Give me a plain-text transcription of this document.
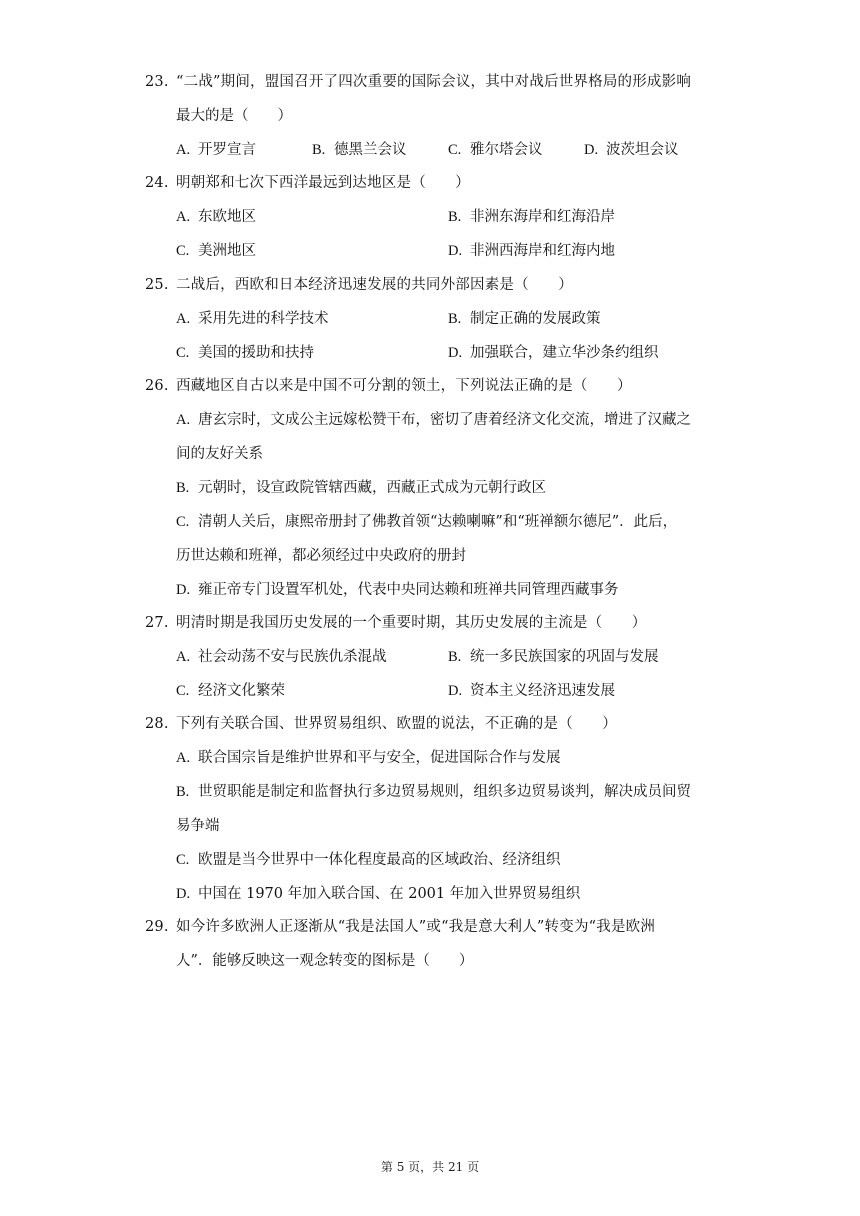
23. “二战”期间，盟国召开了四次重要的国际会议，其中对战后世界格局的形成影响
最大的是（　　）
A. 开罗宣言	B. 德黑兰会议	C. 雅尔塔会议	D. 波茨坦会议
24. 明朝郑和七次下西洋最远到达地区是（　　）
A. 东欧地区	B. 非洲东海岸和红海沿岸
C. 美洲地区	D. 非洲西海岸和红海内地
25. 二战后，西欧和日本经济迅速发展的共同外部因素是（　　）
A. 采用先进的科学技术	B. 制定正确的发展政策
C. 美国的援助和扶持	D. 加强联合，建立华沙条约组织
26. 西藏地区自古以来是中国不可分割的领土，下列说法正确的是（　　）
A. 唐玄宗时，文成公主远嫁松赞干布，密切了唐着经济文化交流，增进了汉藏之
间的友好关系
B. 元朝时，设宣政院管辖西藏，西藏正式成为元朝行政区
C. 清朝人关后，康熙帝册封了佛教首领“达赖喇嘛”和“班禅额尔德尼”．此后，
历世达赖和班禅，都必须经过中央政府的册封
D. 雍正帝专门设置军机处，代表中央同达赖和班禅共同管理西藏事务
27. 明清时期是我国历史发展的一个重要时期，其历史发展的主流是（　　）
A. 社会动荡不安与民族仇杀混战	B. 统一多民族国家的巩固与发展
C. 经济文化繁荣	D. 资本主义经济迅速发展
28. 下列有关联合国、世界贸易组织、欧盟的说法，不正确的是（　　）
A. 联合国宗旨是维护世界和平与安全，促进国际合作与发展
B. 世贸职能是制定和监督执行多边贸易规则，组织多边贸易谈判，解决成员间贸
易争端
C. 欧盟是当今世界中一体化程度最高的区域政治、经济组织
D. 中国在 1970 年加入联合国、在 2001 年加入世界贸易组织
29. 如今许多欧洲人正逐渐从“我是法国人”或“我是意大利人”转变为“我是欧洲
人”．能够反映这一观念转变的图标是（　　）
第 5 页，共 21 页
